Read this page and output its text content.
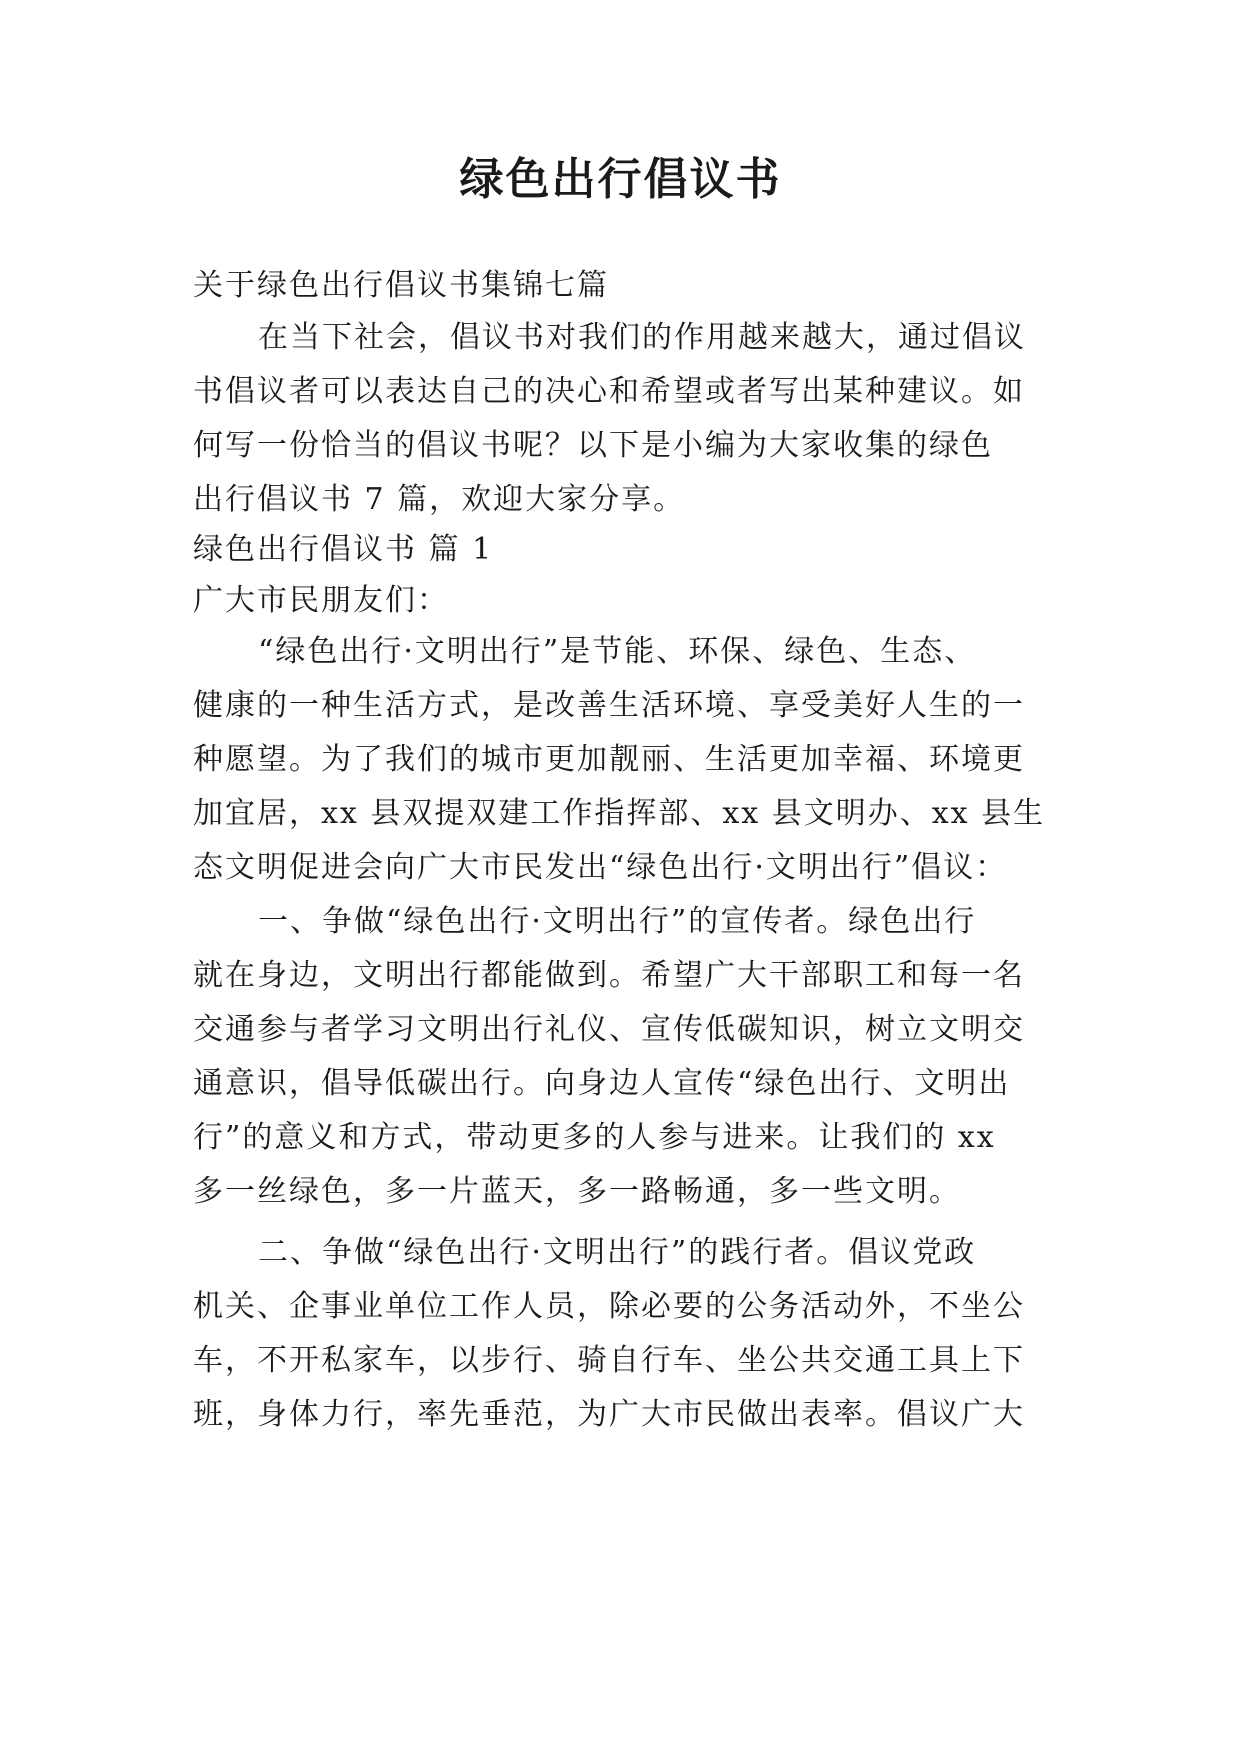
绿色出行倡议书

关于绿色出行倡议书集锦七篇

在当下社会，倡议书对我们的作用越来越大，通过倡议

书倡议者可以表达自己的决心和希望或者写出某种建议。如

何写一份恰当的倡议书呢？以下是小编为大家收集的绿色

出行倡议书 7 篇，欢迎大家分享。

绿色出行倡议书 篇 1

广大市民朋友们：

“绿色出行·文明出行”是节能、环保、绿色、生态、

健康的一种生活方式，是改善生活环境、享受美好人生的一

种愿望。为了我们的城市更加靓丽、生活更加幸福、环境更

加宜居，xx 县双提双建工作指挥部、xx 县文明办、xx 县生

态文明促进会向广大市民发出“绿色出行·文明出行”倡议：

一、争做“绿色出行·文明出行”的宣传者。绿色出行

就在身边，文明出行都能做到。希望广大干部职工和每一名

交通参与者学习文明出行礼仪、宣传低碳知识，树立文明交

通意识，倡导低碳出行。向身边人宣传“绿色出行、文明出

行”的意义和方式，带动更多的人参与进来。让我们的 xx

多一丝绿色，多一片蓝天，多一路畅通，多一些文明。

二、争做“绿色出行·文明出行”的践行者。倡议党政

机关、企事业单位工作人员，除必要的公务活动外，不坐公

车，不开私家车，以步行、骑自行车、坐公共交通工具上下

班，身体力行，率先垂范，为广大市民做出表率。倡议广大
